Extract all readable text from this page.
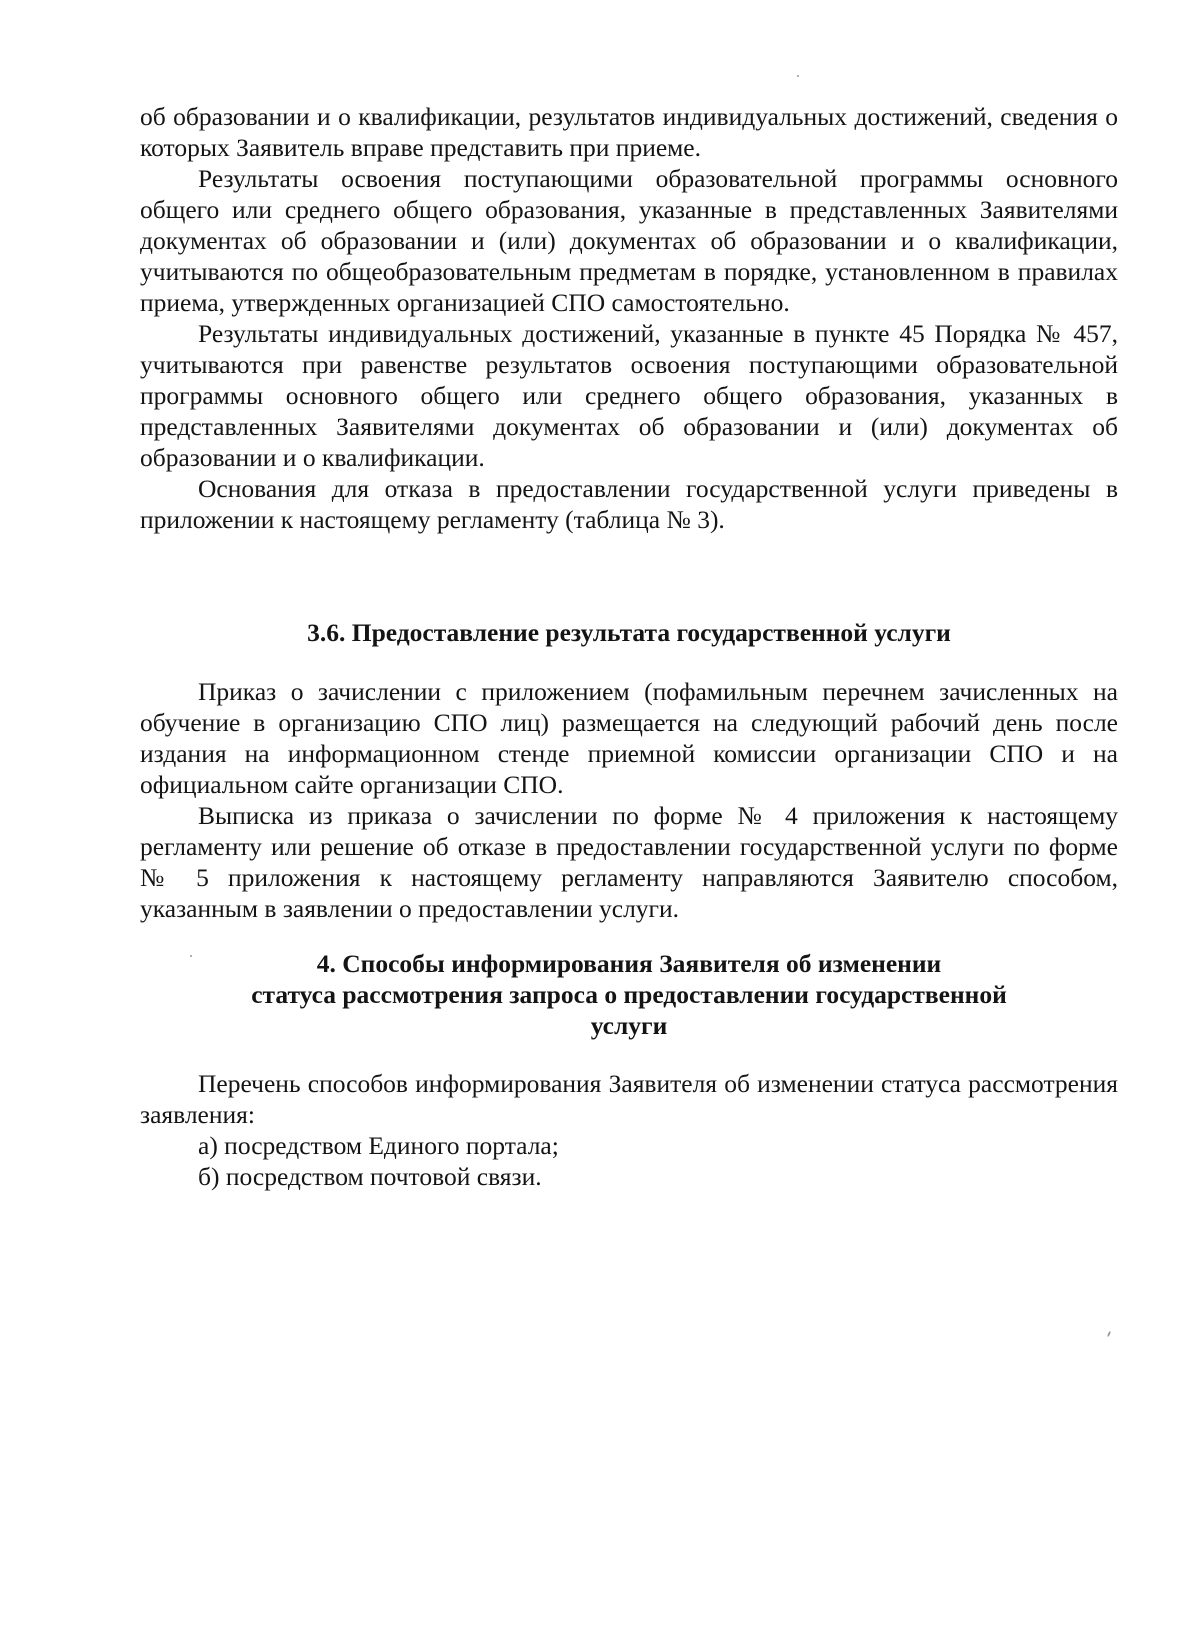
об образовании и о квалификации, результатов индивидуальных достижений, сведения о которых Заявитель вправе представить при приеме.

Результаты освоения поступающими образовательной программы основного общего или среднего общего образования, указанные в представленных Заявителями документах об образовании и (или) документах об образовании и о квалификации, учитываются по общеобразовательным предметам в порядке, установленном в правилах приема, утвержденных организацией СПО самостоятельно.

Результаты индивидуальных достижений, указанные в пункте 45 Порядка № 457, учитываются при равенстве результатов освоения поступающими образовательной программы основного общего или среднего общего образования, указанных в представленных Заявителями документах об образовании и (или) документах об образовании и о квалификации.

Основания для отказа в предоставлении государственной услуги приведены в приложении к настоящему регламенту (таблица № 3).

3.6. Предоставление результата государственной услуги

Приказ о зачислении с приложением (пофамильным перечнем зачисленных на обучение в организацию СПО лиц) размещается на следующий рабочий день после издания на информационном стенде приемной комиссии организации СПО и на официальном сайте организации СПО.

Выписка из приказа о зачислении по форме № 4 приложения к настоящему регламенту или решение об отказе в предоставлении государственной услуги по форме № 5 приложения к настоящему регламенту направляются Заявителю способом, указанным в заявлении о предоставлении услуги.

4. Способы информирования Заявителя об изменении
статуса рассмотрения запроса о предоставлении государственной
услуги

Перечень способов информирования Заявителя об изменении статуса рассмотрения заявления:

а) посредством Единого портала;

б) посредством почтовой связи.
